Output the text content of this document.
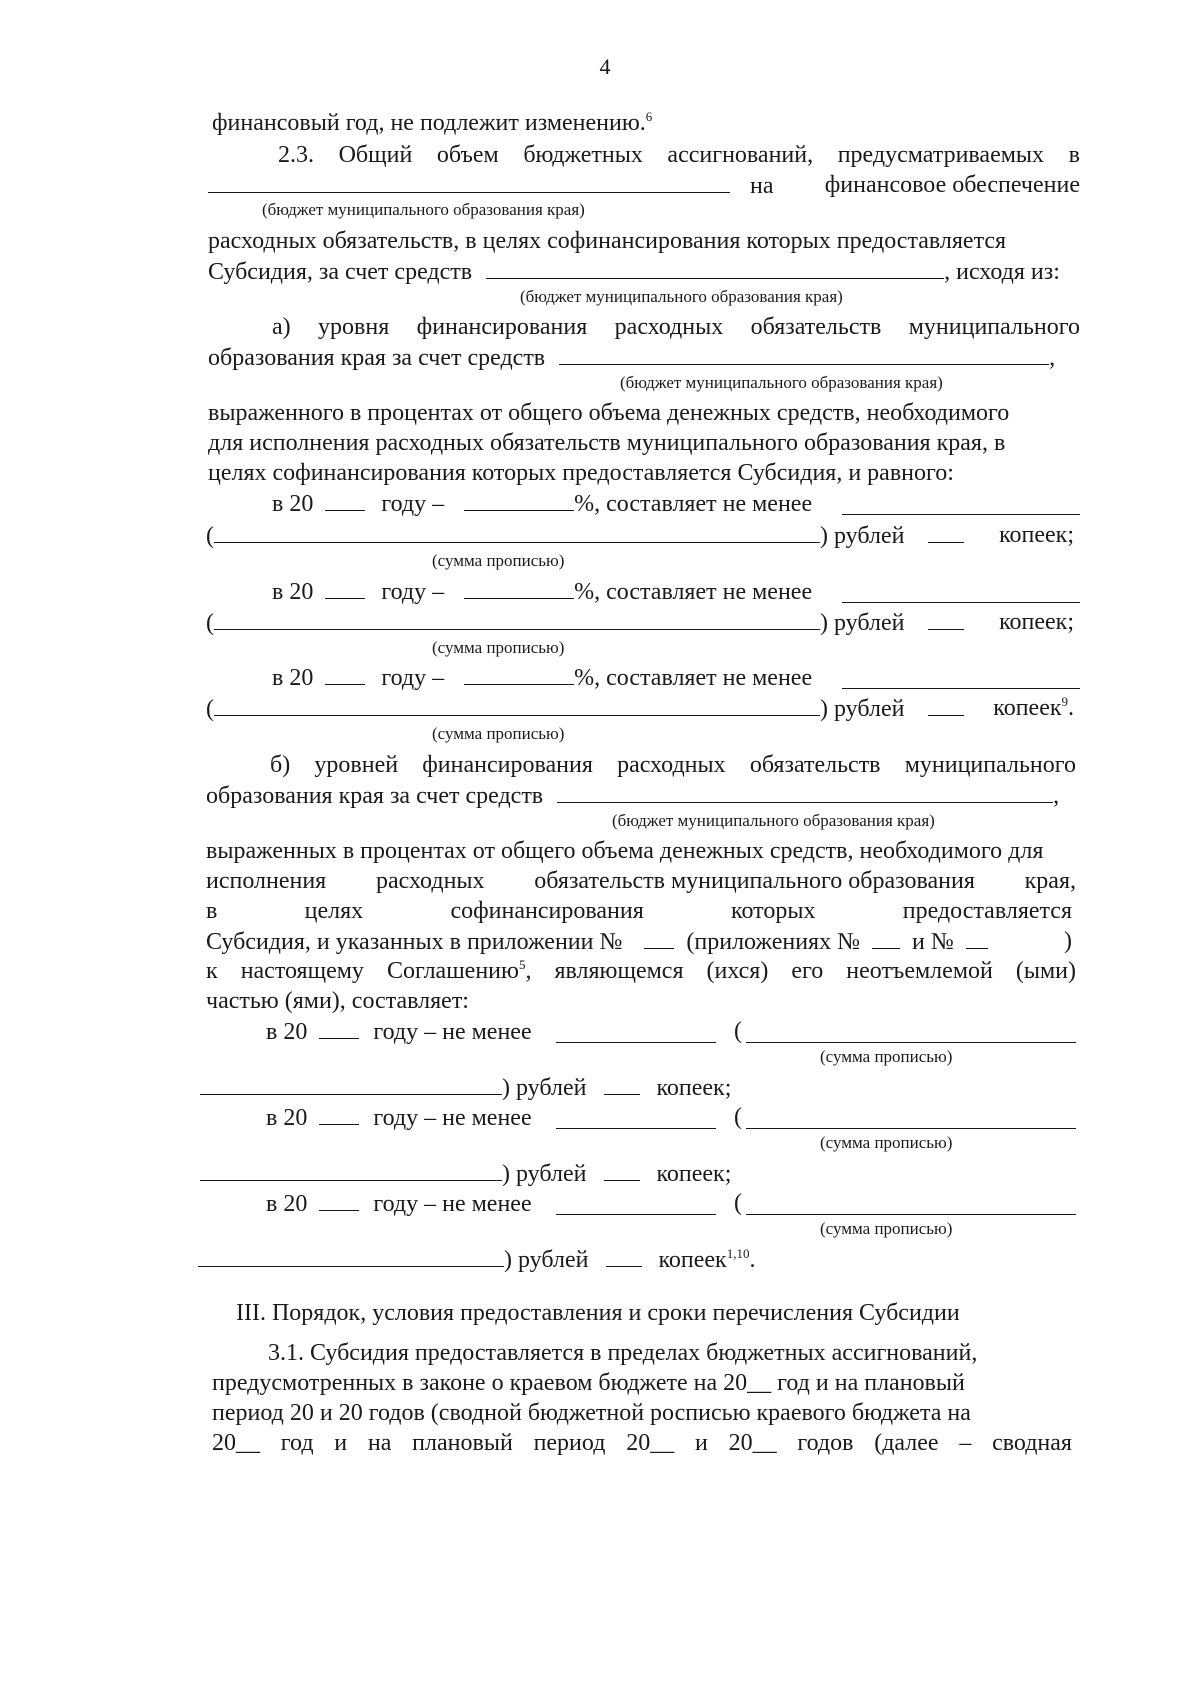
4
финансовый год, не подлежит изменению.$^6$
2.3. Общий объем бюджетных ассигнований, предусматриваемых в
на финансовое обеспечение
(бюджет муниципального образования края)
расходных обязательств, в целях софинансирования которых предоставляется
Субсидия, за счет средств	, исходя из:
(бюджет муниципального образования края)
а) уровня финансирования расходных обязательств муниципального
образования края за счет средств	,
(бюджет муниципального образования края)
выраженного в процентах от общего объема денежных средств, необходимого
для исполнения расходных обязательств муниципального образования края, в
целях софинансирования которых предоставляется Субсидия, и равного:
в 20	году –	%, составляет не менее
(	) рублей	копеек;
(сумма прописью)
в 20	году –	%, составляет не менее
(	) рублей	копеек;
(сумма прописью)
в 20	году –	%, составляет не менее
(	) рублей	копеек$^9$.
(сумма прописью)
б) уровней финансирования расходных обязательств муниципального
образования края за счет средств	,
(бюджет муниципального образования края)
выраженных в процентах от общего объема денежных средств, необходимого для
исполнения расходных обязательств муниципального образования края,
в	целях	софинансирования	которых	предоставляется
Субсидия, и указанных в приложении №	(приложениях № и №	)
к настоящему Соглашению$^5$, являющемся (ихся) его неотъемлемой (ыми)
частью (ями), составляет:
в 20	году – не менее	(
(сумма прописью)
) рублей	копеек;
в 20	году – не менее	(
(сумма прописью)
) рублей	копеек;
в 20	году – не менее	(
(сумма прописью)
) рублей	копеек$^{1,10}$.
III. Порядок, условия предоставления и сроки перечисления Субсидии
3.1. Субсидия предоставляется в пределах бюджетных ассигнований,
предусмотренных в законе о краевом бюджете на 20__ год и на плановый
период 20 и 20 годов (сводной бюджетной росписью краевого бюджета на
20__ год и на плановый период 20__ и 20__ годов (далее – сводная
